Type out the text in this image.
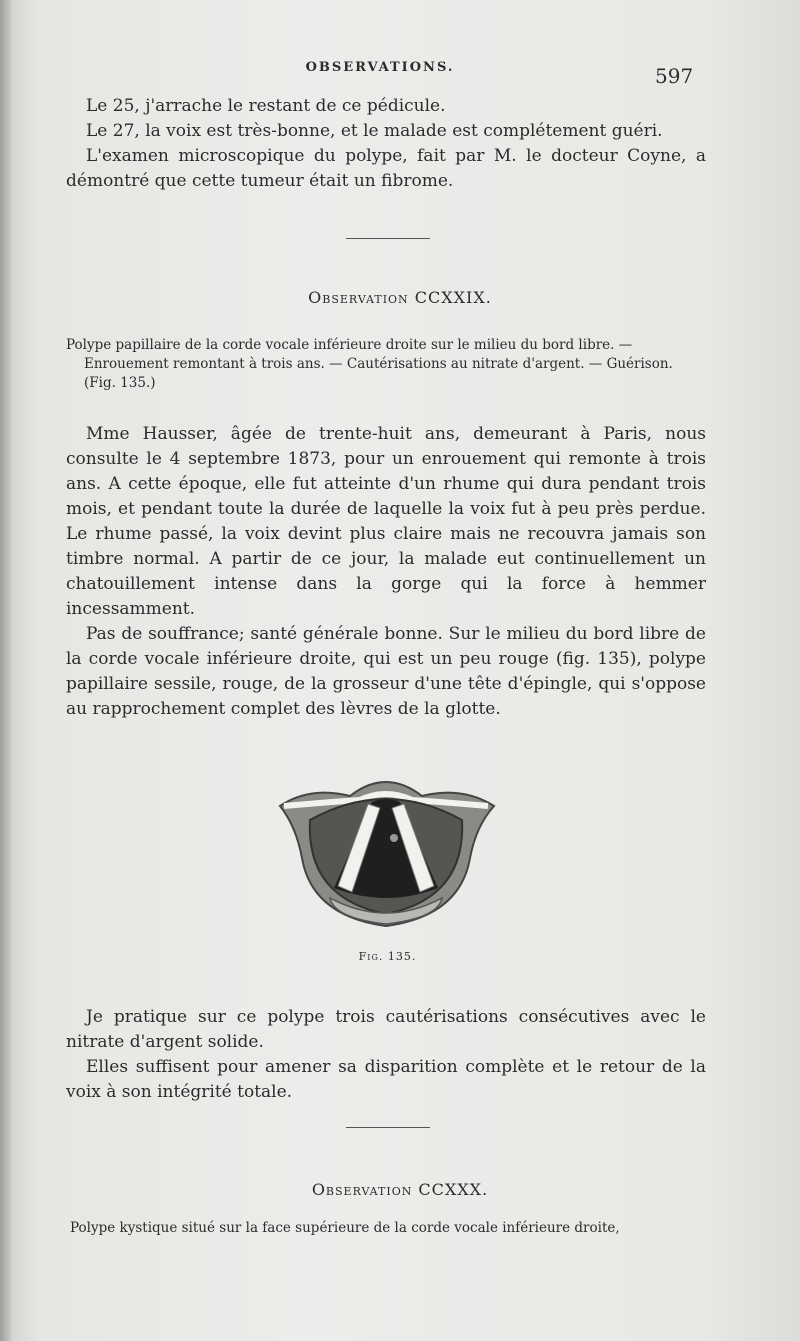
OBSERVATIONS.	597

Le 25, j'arrache le restant de ce pédicule.

Le 27, la voix est très-bonne, et le malade est complétement guéri.

L'examen microscopique du polype, fait par M. le docteur Coyne, a démontré que cette tumeur était un fibrome.

Observation CCXXIX.

Polype papillaire de la corde vocale inférieure droite sur le milieu du bord libre. — Enrouement remontant à trois ans. — Cautérisations au nitrate d'argent. — Guérison. (Fig. 135.)

Mme Hausser, âgée de trente-huit ans, demeurant à Paris, nous consulte le 4 septembre 1873, pour un enrouement qui remonte à trois ans. A cette époque, elle fut atteinte d'un rhume qui dura pendant trois mois, et pendant toute la durée de laquelle la voix fut à peu près perdue. Le rhume passé, la voix devint plus claire mais ne recouvra jamais son timbre normal. A partir de ce jour, la malade eut continuellement un chatouillement intense dans la gorge qui la force à hemmer incessamment.

Pas de souffrance; santé générale bonne. Sur le milieu du bord libre de la corde vocale inférieure droite, qui est un peu rouge (fig. 135), polype papillaire sessile, rouge, de la grosseur d'une tête d'épingle, qui s'oppose au rapprochement complet des lèvres de la glotte.

Fig. 135.

Je pratique sur ce polype trois cautérisations consécutives avec le nitrate d'argent solide.

Elles suffisent pour amener sa disparition complète et le retour de la voix à son intégrité totale.

Observation CCXXX.
Polype kystique situé sur la face supérieure de la corde vocale inférieure droite,
